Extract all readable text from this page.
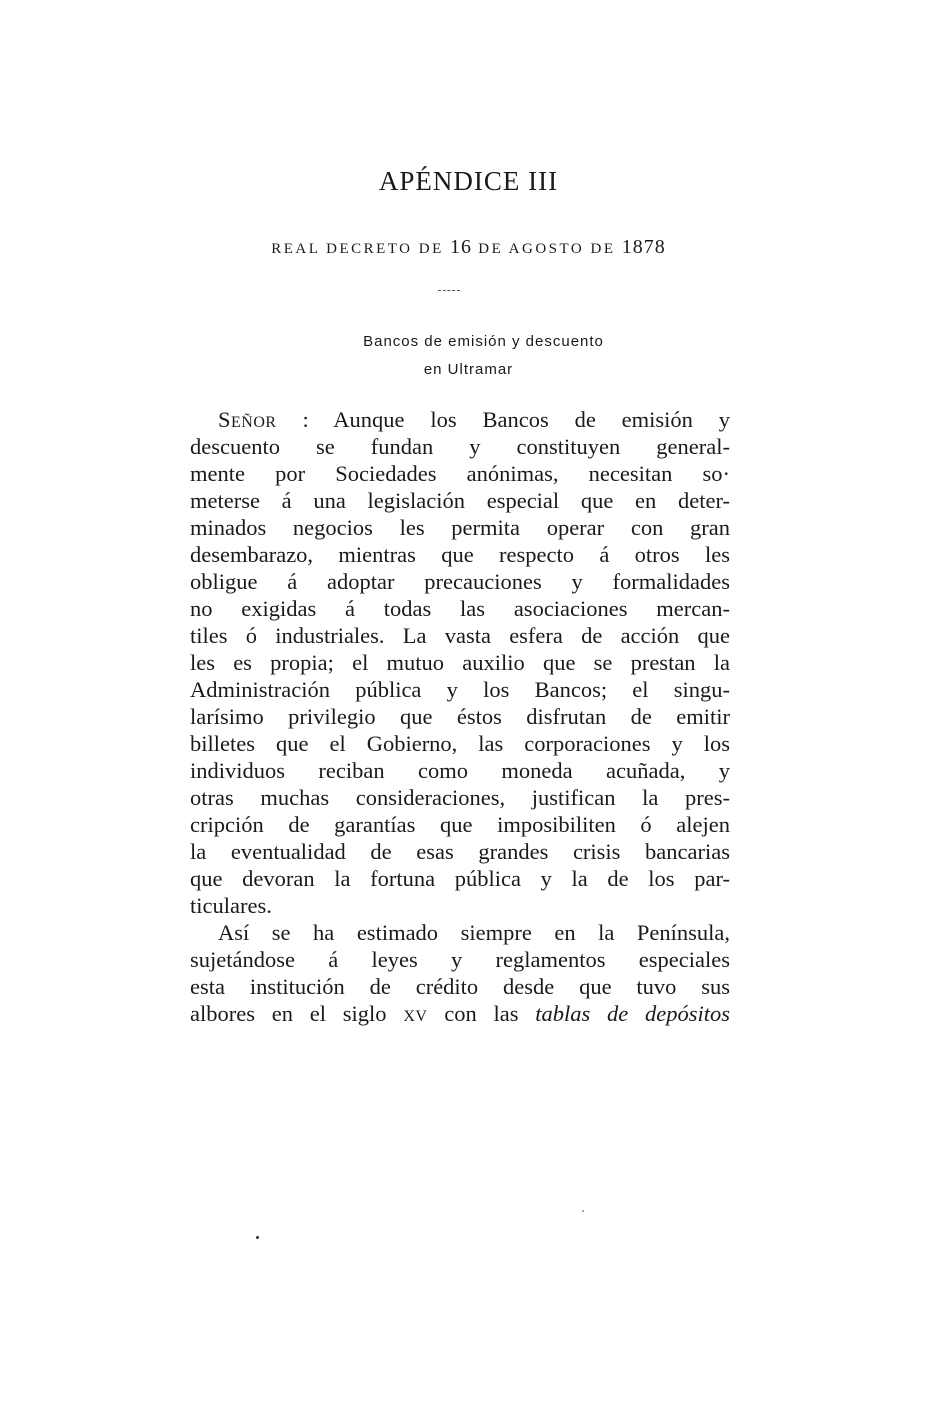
APÉNDICE III
REAL DECRETO DE 16 DE AGOSTO DE 1878
Bancos de emisión y descuento
en Ultramar
Señor : Aunque los Bancos de emisión y
descuento se fundan y constituyen general-
mente por Sociedades anónimas, necesitan so·
meterse á una legislación especial que en deter-
minados negocios les permita operar con gran
desembarazo, mientras que respecto á otros les
obligue á adoptar precauciones y formalidades
no exigidas á todas las asociaciones mercan-
tiles ó industriales. La vasta esfera de acción que
les es propia; el mutuo auxilio que se prestan la
Administración pública y los Bancos; el singu-
larísimo privilegio que éstos disfrutan de emitir
billetes que el Gobierno, las corporaciones y los
individuos reciban como moneda acuñada, y
otras muchas consideraciones, justifican la pres-
cripción de garantías que imposibiliten ó alejen
la eventualidad de esas grandes crisis bancarias
que devoran la fortuna pública y la de los par-
ticulares.
Así se ha estimado siempre en la Península,
sujetándose á leyes y reglamentos especiales
esta institución de crédito desde que tuvo sus
albores en el siglo xv con las tablas de depósitos
